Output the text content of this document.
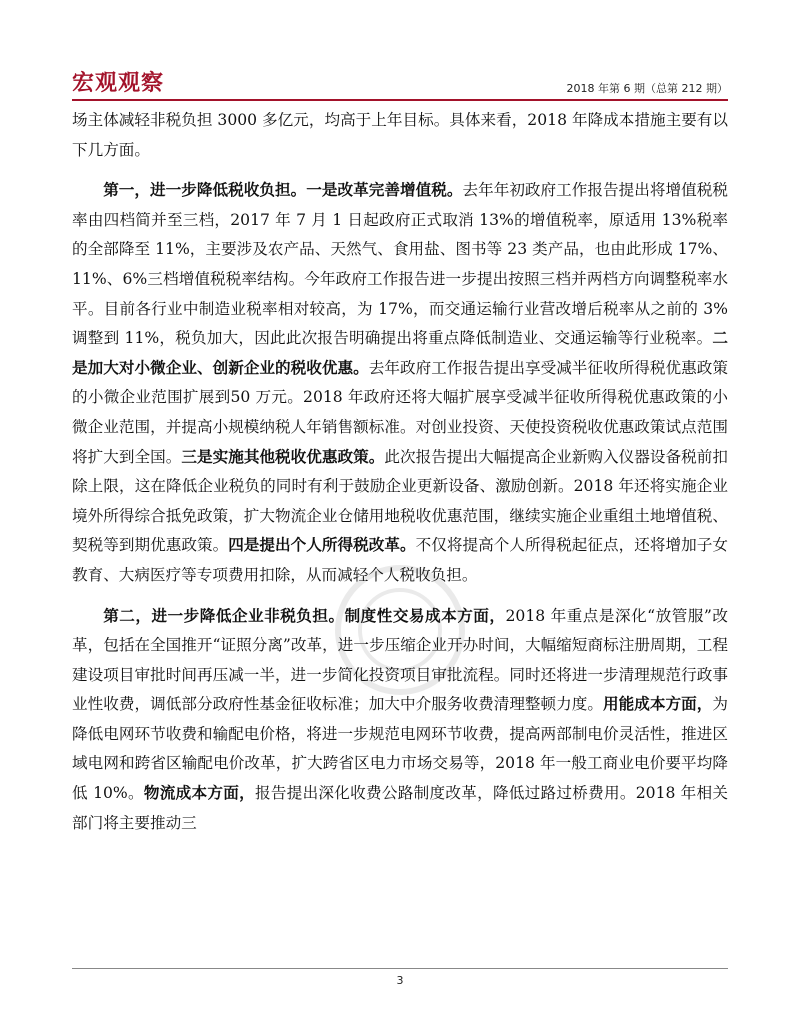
宏观观察	2018 年第 6 期（总第 212 期）

场主体减轻非税负担 3000 多亿元，均高于上年目标。具体来看，2018 年降成本措施主要有以下几方面。

第一，进一步降低税收负担。一是改革完善增值税。去年年初政府工作报告提出将增值税税率由四档简并至三档，2017 年 7 月 1 日起政府正式取消 13%的增值税率，原适用 13%税率的全部降至 11%，主要涉及农产品、天然气、食用盐、图书等 23 类产品，也由此形成 17%、11%、6%三档增值税税率结构。今年政府工作报告进一步提出按照三档并两档方向调整税率水平。目前各行业中制造业税率相对较高，为 17%，而交通运输行业营改增后税率从之前的 3%调整到 11%，税负加大，因此此次报告明确提出将重点降低制造业、交通运输等行业税率。二是加大对小微企业、创新企业的税收优惠。去年政府工作报告提出享受减半征收所得税优惠政策的小微企业范围扩展到50 万元。2018 年政府还将大幅扩展享受减半征收所得税优惠政策的小微企业范围，并提高小规模纳税人年销售额标准。对创业投资、天使投资税收优惠政策试点范围将扩大到全国。三是实施其他税收优惠政策。此次报告提出大幅提高企业新购入仪器设备税前扣除上限，这在降低企业税负的同时有利于鼓励企业更新设备、激励创新。2018 年还将实施企业境外所得综合抵免政策，扩大物流企业仓储用地税收优惠范围，继续实施企业重组土地增值税、契税等到期优惠政策。四是提出个人所得税改革。不仅将提高个人所得税起征点，还将增加子女教育、大病医疗等专项费用扣除，从而减轻个人税收负担。

第二，进一步降低企业非税负担。制度性交易成本方面，2018 年重点是深化“放管服”改革，包括在全国推开“证照分离”改革，进一步压缩企业开办时间，大幅缩短商标注册周期，工程建设项目审批时间再压减一半，进一步简化投资项目审批流程。同时还将进一步清理规范行政事业性收费，调低部分政府性基金征收标准；加大中介服务收费清理整顿力度。用能成本方面，为降低电网环节收费和输配电价格，将进一步规范电网环节收费，提高两部制电价灵活性，推进区域电网和跨省区输配电价改革，扩大跨省区电力市场交易等，2018 年一般工商业电价要平均降低 10%。物流成本方面，报告提出深化收费公路制度改革，降低过路过桥费用。2018 年相关部门将主要推动三

3
